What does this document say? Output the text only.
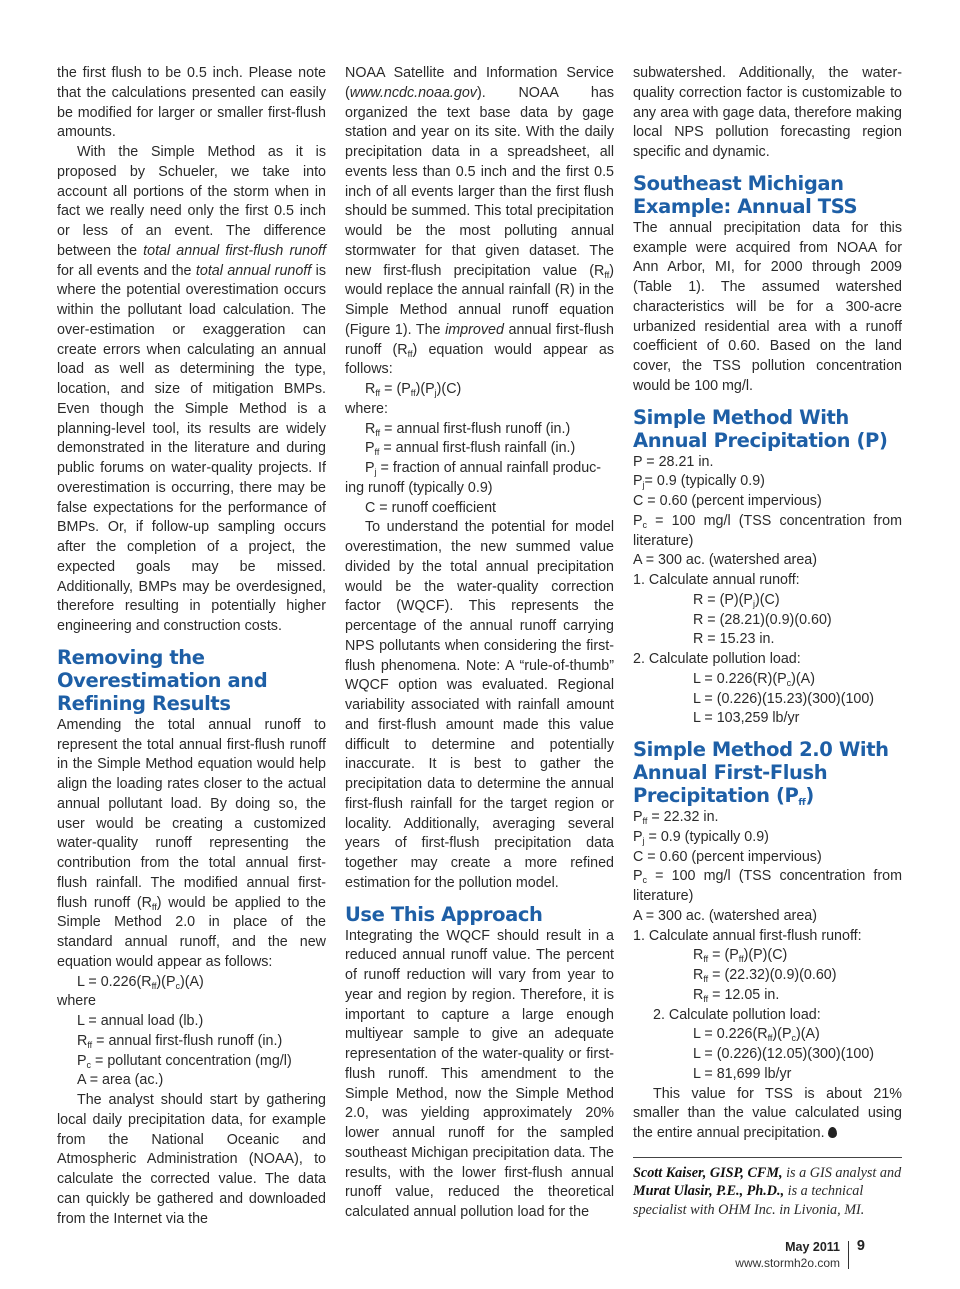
the first flush to be 0.5 inch. Please note that the calculations presented can easily be modified for larger or smaller first-flush amounts.

With the Simple Method as it is proposed by Schueler, we take into account all portions of the storm when in fact we really need only the first 0.5 inch or less of an event. The difference between the total annual first-flush runoff for all events and the total annual runoff is where the potential overestimation occurs within the pollutant load calculation. The over-estimation or exaggeration can create errors when calculating an annual load as well as determining the type, location, and size of mitigation BMPs. Even though the Simple Method is a planning-level tool, its results are widely demonstrated in the literature and during public forums on water-quality projects. If overestimation is occurring, there may be false expectations for the performance of BMPs. Or, if follow-up sampling occurs after the completion of a project, the expected goals may be missed. Additionally, BMPs may be overdesigned, therefore resulting in potentially higher engineering and construction costs.

Removing the Overestimation and Refining Results

Amending the total annual runoff to represent the total annual first-flush runoff in the Simple Method equation would help align the loading rates closer to the actual annual pollutant load. By doing so, the user would be creating a customized water-quality runoff representing the contribution from the total annual first-flush rainfall. The modified annual first-flush runoff $(R_{ff})$ would be applied to the Simple Method 2.0 in place of the standard annual runoff, and the new equation would appear as follows:

$L = 0.226(R_{ff})(P_c)(A)$
where
L = annual load (lb.)
$R_{ff}$ = annual first-flush runoff (in.)
$P_c$ = pollutant concentration (mg/l)
A = area (ac.)

The analyst should start by gathering local daily precipitation data, for example from the National Oceanic and Atmospheric Administration (NOAA), to calculate the corrected value. The data can quickly be gathered and downloaded from the Internet via the

NOAA Satellite and Information Service (www.ncdc.noaa.gov). NOAA has organized the text base data by gage station and year on its site. With the daily precipitation data in a spreadsheet, all events less than 0.5 inch and the first 0.5 inch of all events larger than the first flush should be summed. This total precipitation would be the most polluting annual stormwater for that given dataset. The new first-flush precipitation value $(R_{ff})$ would replace the annual rainfall (R) in the Simple Method annual runoff equation (Figure 1). The improved annual first-flush runoff $(R_{ff})$ equation would appear as follows:

$R_{ff} = (P_{ff})(P_j)(C)$
where:
$R_{ff}$ = annual first-flush runoff (in.)
$P_{ff}$ = annual first-flush rainfall (in.)
$P_j$ = fraction of annual rainfall produc-
ing runoff (typically 0.9)
C = runoff coefficient

To understand the potential for model overestimation, the new summed value divided by the total annual precipitation would be the water-quality correction factor (WQCF). This represents the percentage of the annual runoff carrying NPS pollutants when considering the first-flush phenomena. Note: A “rule-of-thumb” WQCF option was evaluated. Regional variability associated with rainfall amount and first-flush amount made this value difficult to determine and potentially inaccurate. It is best to gather the precipitation data to determine the annual first-flush rainfall for the target region or locality. Additionally, averaging several years of first-flush precipitation data together may create a more refined estimation for the pollution model.

Use This Approach

Integrating the WQCF should result in a reduced annual runoff value. The percent of runoff reduction will vary from year to year and region by region. Therefore, it is important to capture a large enough multiyear sample to give an adequate representation of the water-quality or first-flush runoff. This amendment to the Simple Method, now the Simple Method 2.0, was yielding approximately 20% lower annual runoff for the sampled southeast Michigan precipitation data. The results, with the lower first-flush annual runoff value, reduced the theoretical calculated annual pollution load for the

subwatershed. Additionally, the water-quality correction factor is customizable to any area with gage data, therefore making local NPS pollution forecasting region specific and dynamic.

Southeast Michigan Example: Annual TSS

The annual precipitation data for this example were acquired from NOAA for Ann Arbor, MI, for 2000 through 2009 (Table 1). The assumed watershed characteristics will be for a 300-acre urbanized residential area with a runoff coefficient of 0.60. Based on the land cover, the TSS pollution concentration would be 100 mg/l.

Simple Method With Annual Precipitation (P)
P = 28.21 in.
$P_j= 0.9$ (typically 0.9)
C = 0.60 (percent impervious)

$P_c = 100$ mg/l (TSS concentration from literature)

A = 300 ac. (watershed area)
1. Calculate annual runoff:
$R = (P)(P_j)(C)$
R = (28.21)(0.9)(0.60)
R = 15.23 in.
2. Calculate pollution load:
$L = 0.226(R)(P_c)(A)$
L = (0.226)(15.23)(300)(100)
L = 103,259 lb/yr
Simple Method 2.0 With Annual First-Flush Precipitation $(P_{ff})$
$P_{ff} = 22.32$ in.
$P_j = 0.9$ (typically 0.9)
C = 0.60 (percent impervious)

$P_c = 100$ mg/l (TSS concentration from literature)

A = 300 ac. (watershed area)
1. Calculate annual first-flush runoff:
$R_{ff} = (P_{ff})(P)(C)$
$R_{ff} = (22.32)(0.9)(0.60)$
$R_{ff} = 12.05$ in.
2. Calculate pollution load:
$L = 0.226(R_{ff})(P_c)(A)$
L = (0.226)(12.05)(300)(100)
L = 81,699 lb/yr

This value for TSS is about 21% smaller than the value calculated using the entire annual precipitation.

Scott Kaiser, GISP, CFM, is a GIS analyst and Murat Ulasir, P.E., Ph.D., is a technical specialist with OHM Inc. in Livonia, MI.

May 2011
www.stormh2o.com
9
